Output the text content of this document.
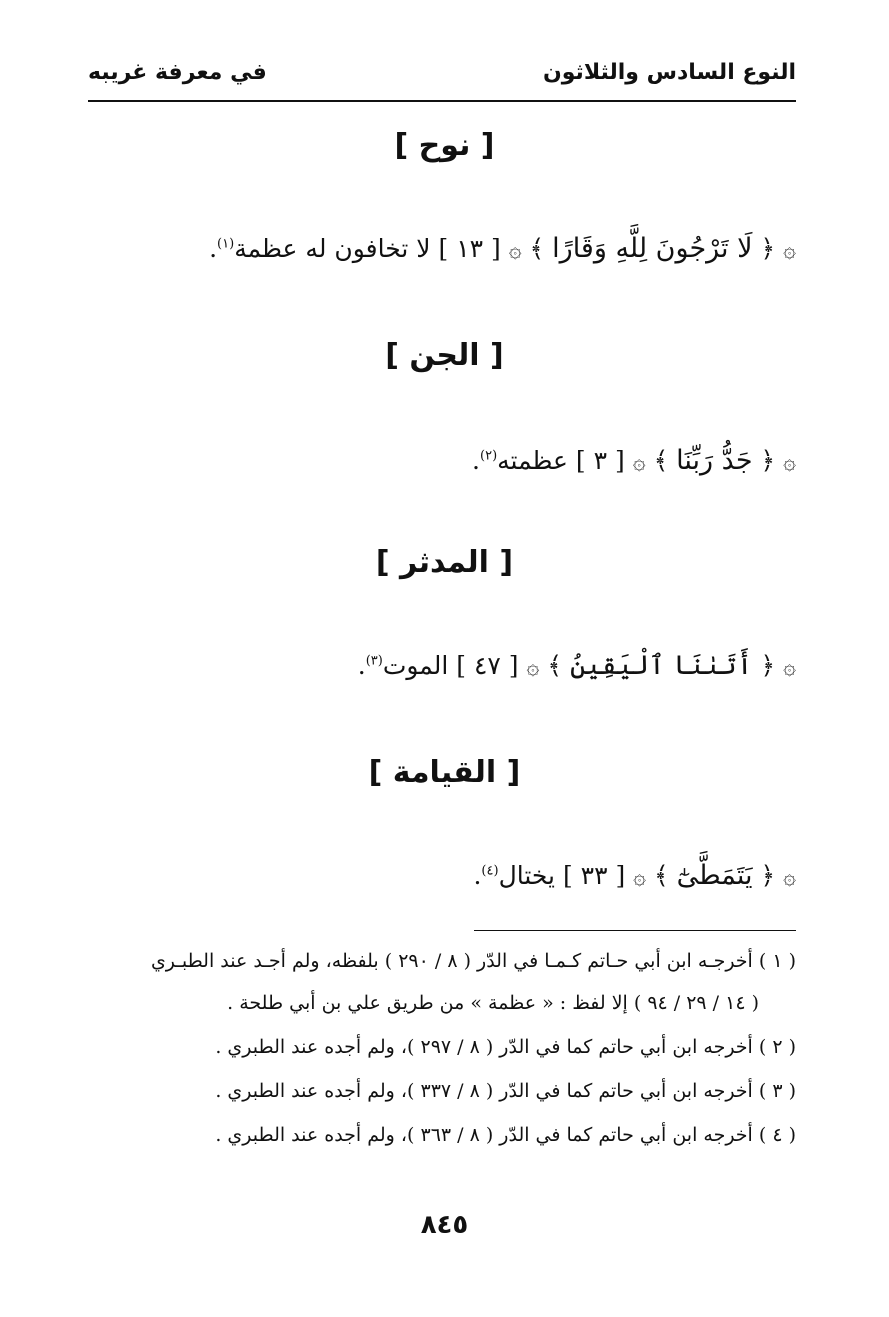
النوع السادس والثلاثون
في معرفة غريبه
[ نوح ]
۞ ﴿ لَا تَرْجُونَ لِلَّهِ وَقَارًا ﴾ ۞ [ ١٣ ] لا تخافون له عظمة$^{(١)}$.
[ الجن ]
۞ ﴿ جَدُّ رَبِّنَا ﴾ ۞ [ ٣ ] عظمته$^{(٢)}$.
[ المدثر ]
۞ ﴿ أَتَىٰنَا ٱلْيَقِينُ ﴾ ۞ [ ٤٧ ] الموت$^{(٣)}$.
[ القيامة ]
۞ ﴿ يَتَمَطَّىٰٓ ﴾ ۞ [ ٣٣ ] يختال$^{(٤)}$.
( ١ ) أخرجـه ابن أبي حـاتم كـمـا في الدّر ( ٨ / ٢٩٠ ) بلفظه، ولم أجـد عند الطبـري
( ١٤ / ٢٩ / ٩٤ ) إلا لفظ : « عظمة » من طريق علي بن أبي طلحة .
( ٢ ) أخرجه ابن أبي حاتم كما في الدّر ( ٨ / ٢٩٧ )، ولم أجده عند الطبري .
( ٣ ) أخرجه ابن أبي حاتم كما في الدّر ( ٨ / ٣٣٧ )، ولم أجده عند الطبري .
( ٤ ) أخرجه ابن أبي حاتم كما في الدّر ( ٨ / ٣٦٣ )، ولم أجده عند الطبري .
٨٤٥
